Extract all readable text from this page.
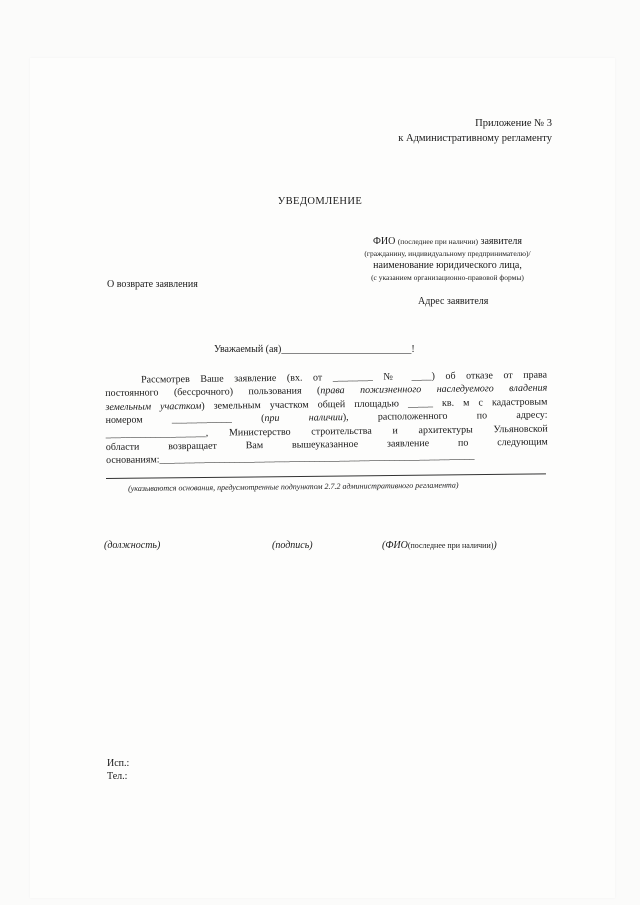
Приложение № 3
к Административному регламенту
УВЕДОМЛЕНИЕ
ФИО (последнее при наличии) заявителя
(гражданину, индивидуальному предпринимателю)/
наименование юридического лица,
(с указанием организационно-правовой формы)
О возврате заявления
Адрес заявителя
Уважаемый (ая)__________________________!
Рассмотрев Ваше заявление (вх. от ________ № ____) об отказе от права
постоянного (бессрочного) пользования (права пожизненного наследуемого владения
земельным участком) земельным участком общей площадью _____ кв. м с кадастровым
номером ____________ (при наличии), расположенного по адресу:
____________________, Министерство строительства и архитектуры Ульяновской
области возвращает Вам вышеуказанное заявление по следующим
основаниям:_______________________________________________________________
(указываются основания, предусмотренные подпунктом 2.7.2 административного регламента)
(должность)	(подпись)	(ФИО(последнее при наличии))
Исп.:
Тел.:
